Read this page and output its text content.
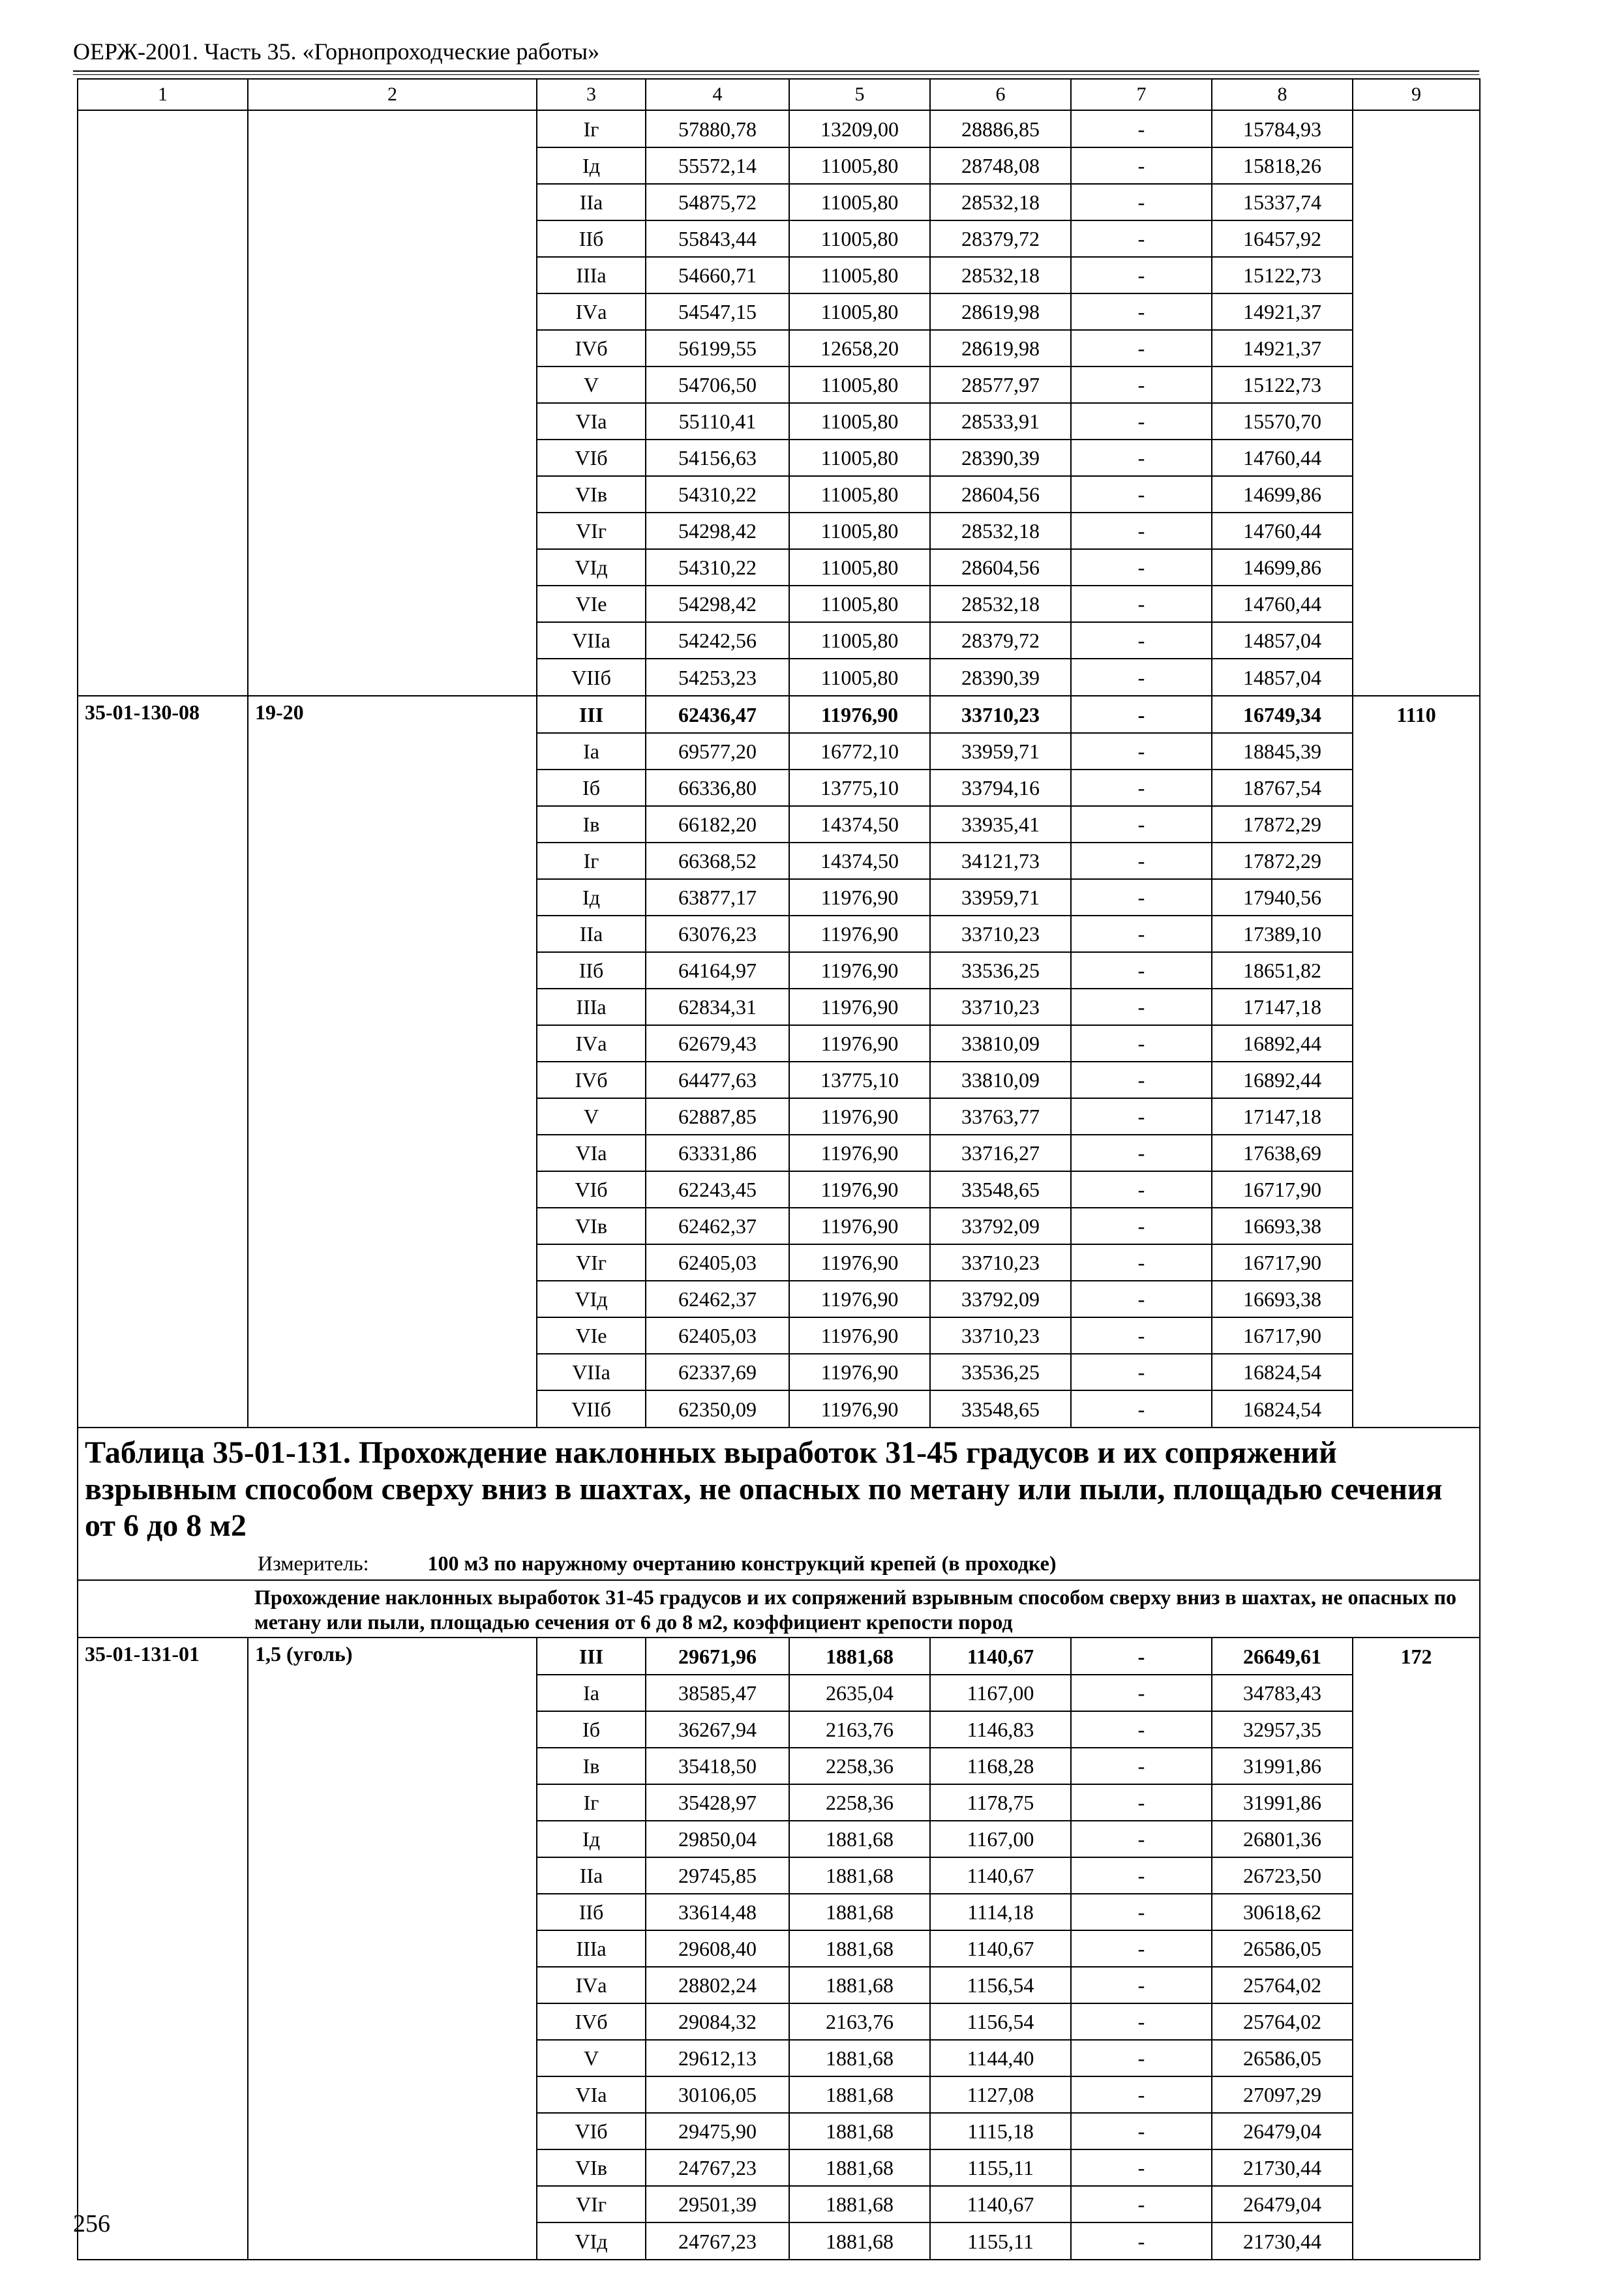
ОЕРЖ-2001. Часть 35. «Горнопроходческие работы»
1	2	3	4	5	6	7	8	9
		Iг	57880,78	13209,00	28886,85	-	15784,93	
		Iд	55572,14	11005,80	28748,08	-	15818,26	
		IIа	54875,72	11005,80	28532,18	-	15337,74	
		IIб	55843,44	11005,80	28379,72	-	16457,92	
		IIIа	54660,71	11005,80	28532,18	-	15122,73	
		IVа	54547,15	11005,80	28619,98	-	14921,37	
		IVб	56199,55	12658,20	28619,98	-	14921,37	
		V	54706,50	11005,80	28577,97	-	15122,73	
		VIа	55110,41	11005,80	28533,91	-	15570,70	
		VIб	54156,63	11005,80	28390,39	-	14760,44	
		VIв	54310,22	11005,80	28604,56	-	14699,86	
		VIг	54298,42	11005,80	28532,18	-	14760,44	
		VIд	54310,22	11005,80	28604,56	-	14699,86	
		VIе	54298,42	11005,80	28532,18	-	14760,44	
		VIIа	54242,56	11005,80	28379,72	-	14857,04	
		VIIб	54253,23	11005,80	28390,39	-	14857,04	
35-01-130-08	19-20	III	62436,47	11976,90	33710,23	-	16749,34	1110
		Iа	69577,20	16772,10	33959,71	-	18845,39	
		Iб	66336,80	13775,10	33794,16	-	18767,54	
		Iв	66182,20	14374,50	33935,41	-	17872,29	
		Iг	66368,52	14374,50	34121,73	-	17872,29	
		Iд	63877,17	11976,90	33959,71	-	17940,56	
		IIа	63076,23	11976,90	33710,23	-	17389,10	
		IIб	64164,97	11976,90	33536,25	-	18651,82	
		IIIа	62834,31	11976,90	33710,23	-	17147,18	
		IVа	62679,43	11976,90	33810,09	-	16892,44	
		IVб	64477,63	13775,10	33810,09	-	16892,44	
		V	62887,85	11976,90	33763,77	-	17147,18	
		VIа	63331,86	11976,90	33716,27	-	17638,69	
		VIб	62243,45	11976,90	33548,65	-	16717,90	
		VIв	62462,37	11976,90	33792,09	-	16693,38	
		VIг	62405,03	11976,90	33710,23	-	16717,90	
		VIд	62462,37	11976,90	33792,09	-	16693,38	
		VIе	62405,03	11976,90	33710,23	-	16717,90	
		VIIа	62337,69	11976,90	33536,25	-	16824,54	
		VIIб	62350,09	11976,90	33548,65	-	16824,54	

Таблица 35-01-131. Прохождение наклонных выработок 31-45 градусов и их сопряжений взрывным способом сверху вниз в шахтах, не опасных по метану или пыли, площадью сечения от 6 до 8 м2
Измеритель: 100 м3 по наружному очертанию конструкций крепей (в проходке)								

Прохождение наклонных выработок 31-45 градусов и их сопряжений взрывным способом сверху вниз в шахтах, не опасных по метану или пыли, площадью сечения от 6 до 8 м2, коэффициент крепости пород								
35-01-131-01	1,5 (уголь)	III	29671,96	1881,68	1140,67	-	26649,61	172
		Iа	38585,47	2635,04	1167,00	-	34783,43	
		Iб	36267,94	2163,76	1146,83	-	32957,35	
		Iв	35418,50	2258,36	1168,28	-	31991,86	
		Iг	35428,97	2258,36	1178,75	-	31991,86	
		Iд	29850,04	1881,68	1167,00	-	26801,36	
		IIа	29745,85	1881,68	1140,67	-	26723,50	
		IIб	33614,48	1881,68	1114,18	-	30618,62	
		IIIа	29608,40	1881,68	1140,67	-	26586,05	
		IVа	28802,24	1881,68	1156,54	-	25764,02	
		IVб	29084,32	2163,76	1156,54	-	25764,02	
		V	29612,13	1881,68	1144,40	-	26586,05	
		VIа	30106,05	1881,68	1127,08	-	27097,29	
		VIб	29475,90	1881,68	1115,18	-	26479,04	
		VIв	24767,23	1881,68	1155,11	-	21730,44	
		VIг	29501,39	1881,68	1140,67	-	26479,04	
		VIд	24767,23	1881,68	1155,11	-	21730,44	
256
